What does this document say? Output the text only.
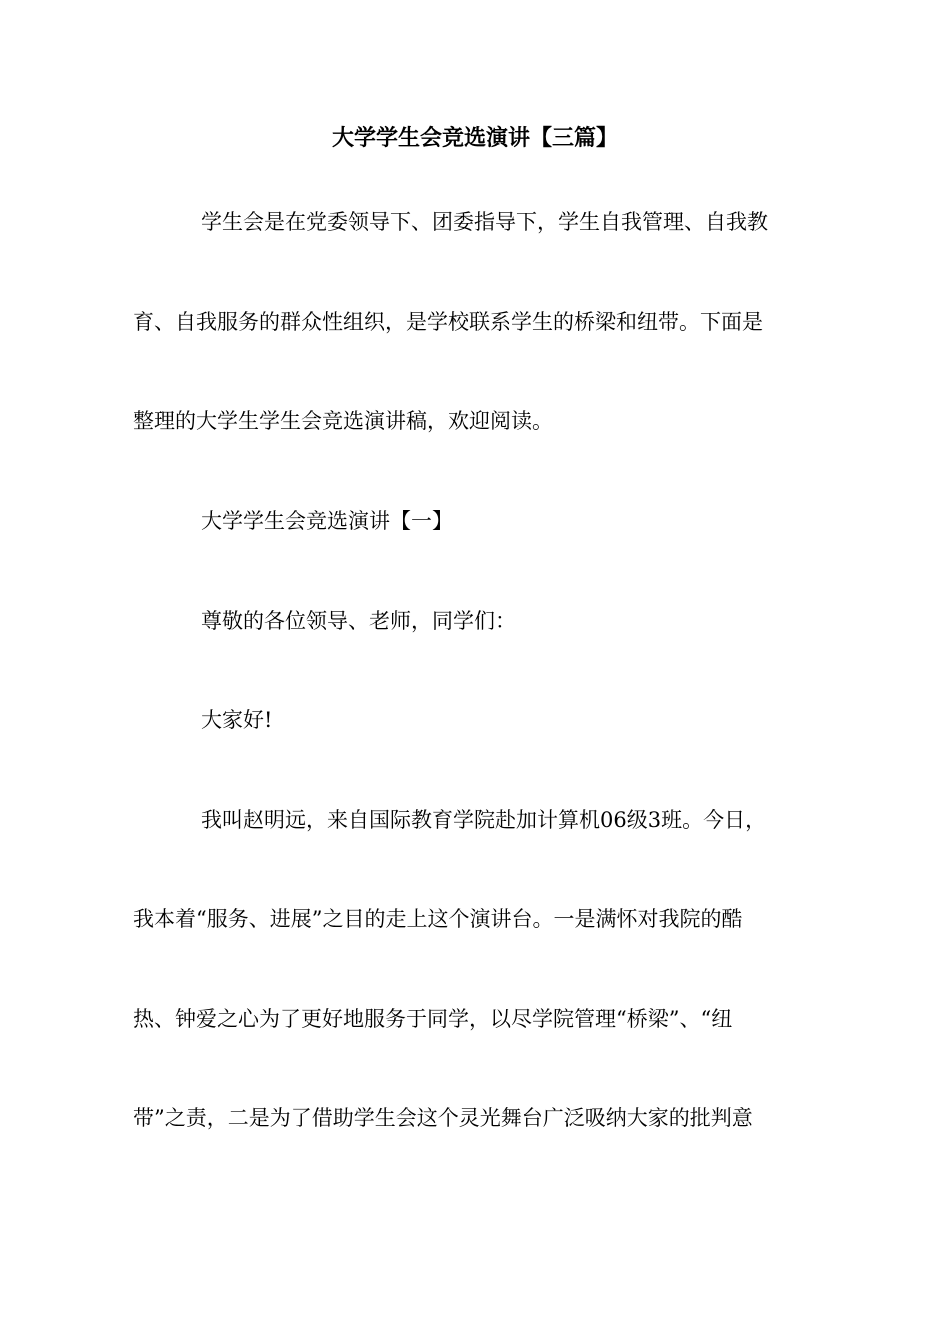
大学学生会竞选演讲【三篇】

学生会是在党委领导下、团委指导下，学生自我管理、自我教

育、自我服务的群众性组织，是学校联系学生的桥梁和纽带。下面是

整理的大学生学生会竞选演讲稿，欢迎阅读。

大学学生会竞选演讲【一】

尊敬的各位领导、老师，同学们：

大家好!

我叫赵明远，来自国际教育学院赴加计算机06级3班。今日，

我本着“服务、进展”之目的走上这个演讲台。一是满怀对我院的酷

热、钟爱之心为了更好地服务于同学，以尽学院管理“桥梁”、“纽

带”之责，二是为了借助学生会这个灵光舞台广泛吸纳大家的批判意
